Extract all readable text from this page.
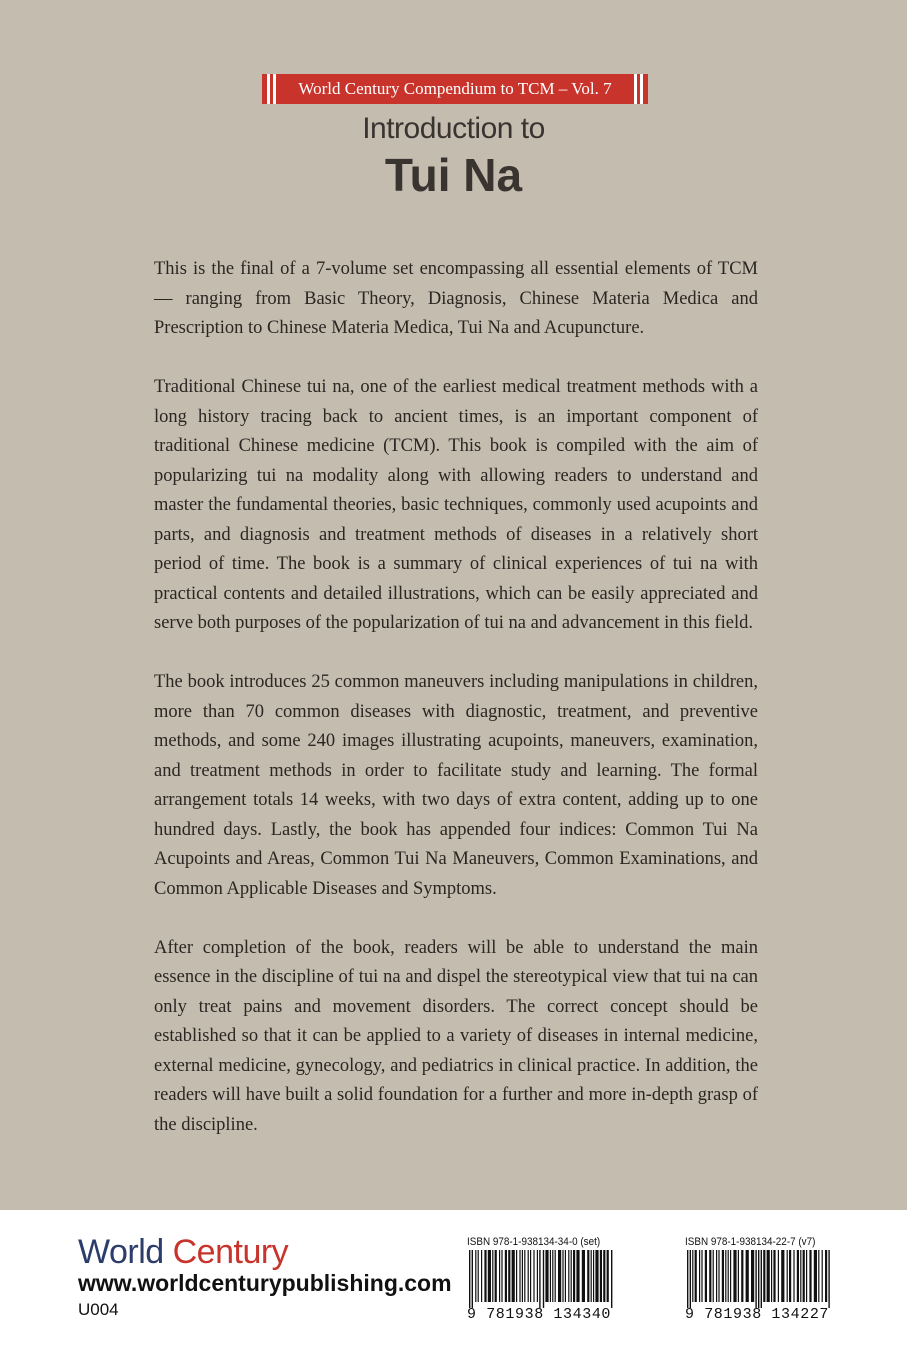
World Century Compendium to TCM – Vol. 7
Introduction to
Tui Na

This is the final of a 7-volume set encompassing all essential elements of TCM — ranging from Basic Theory, Diagnosis, Chinese Materia Medica and Prescription to Chinese Materia Medica, Tui Na and Acupuncture.

Traditional Chinese tui na, one of the earliest medical treatment methods with a long history tracing back to ancient times, is an important component of traditional Chinese medicine (TCM). This book is compiled with the aim of popularizing tui na modality along with allowing readers to understand and master the fundamental theories, basic techniques, commonly used acupoints and parts, and diagnosis and treatment methods of diseases in a relatively short period of time. The book is a summary of clinical experiences of tui na with practical contents and detailed illustrations, which can be easily appreciated and serve both purposes of the popularization of tui na and advancement in this field.

The book introduces 25 common maneuvers including manipulations in children, more than 70 common diseases with diagnostic, treatment, and preventive methods, and some 240 images illustrating acupoints, maneuvers, examination, and treatment methods in order to facilitate study and learning. The formal arrangement totals 14 weeks, with two days of extra content, adding up to one hundred days. Lastly, the book has appended four indices: Common Tui Na Acupoints and Areas, Common Tui Na Maneuvers, Common Examinations, and Common Applicable Diseases and Symptoms.

After completion of the book, readers will be able to understand the main essence in the discipline of tui na and dispel the stereotypical view that tui na can only treat pains and movement disorders. The correct concept should be established so that it can be applied to a variety of diseases in internal medicine, external medicine, gynecology, and pediatrics in clinical practice. In addition, the readers will have built a solid foundation for a further and more in-depth grasp of the discipline.

World Century
www.worldcenturypublishing.com
U004
ISBN 978-1-938134-34-0 (set)
9 781938 134340
ISBN 978-1-938134-22-7 (v7)
9 781938 134227
